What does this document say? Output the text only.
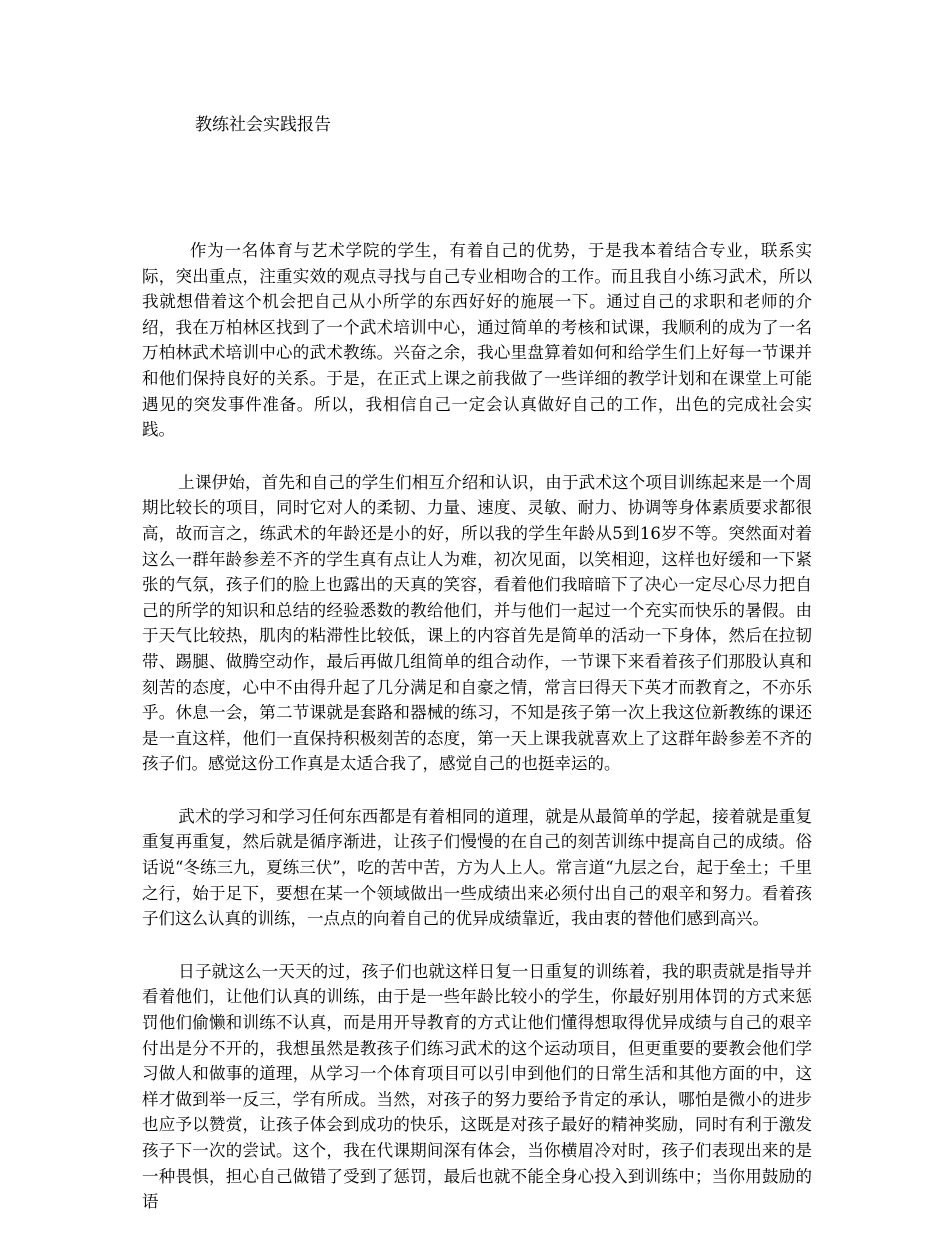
教练社会实践报告

作为一名体育与艺术学院的学生，有着自己的优势，于是我本着结合专业，联系实际，突出重点，注重实效的观点寻找与自己专业相吻合的工作。而且我自小练习武术，所以我就想借着这个机会把自己从小所学的东西好好的施展一下。通过自己的求职和老师的介绍，我在万柏林区找到了一个武术培训中心，通过简单的考核和试课，我顺利的成为了一名万柏林武术培训中心的武术教练。兴奋之余，我心里盘算着如何和给学生们上好每一节课并和他们保持良好的关系。于是，在正式上课之前我做了一些详细的教学计划和在课堂上可能遇见的突发事件准备。所以，我相信自己一定会认真做好自己的工作，出色的完成社会实践。

上课伊始，首先和自己的学生们相互介绍和认识，由于武术这个项目训练起来是一个周期比较长的项目，同时它对人的柔韧、力量、速度、灵敏、耐力、协调等身体素质要求都很高，故而言之，练武术的年龄还是小的好，所以我的学生年龄从5到16岁不等。突然面对着这么一群年龄参差不齐的学生真有点让人为难，初次见面，以笑相迎，这样也好缓和一下紧张的气氛，孩子们的脸上也露出的天真的笑容，看着他们我暗暗下了决心一定尽心尽力把自己的所学的知识和总结的经验悉数的教给他们，并与他们一起过一个充实而快乐的暑假。由于天气比较热，肌肉的粘滞性比较低，课上的内容首先是简单的活动一下身体，然后在拉韧带、踢腿、做腾空动作，最后再做几组简单的组合动作，一节课下来看着孩子们那股认真和刻苦的态度，心中不由得升起了几分满足和自豪之情，常言曰得天下英才而教育之，不亦乐乎。休息一会，第二节课就是套路和器械的练习，不知是孩子第一次上我这位新教练的课还是一直这样，他们一直保持积极刻苦的态度，第一天上课我就喜欢上了这群年龄参差不齐的孩子们。感觉这份工作真是太适合我了，感觉自己的也挺幸运的。

武术的学习和学习任何东西都是有着相同的道理，就是从最简单的学起，接着就是重复重复再重复，然后就是循序渐进，让孩子们慢慢的在自己的刻苦训练中提高自己的成绩。俗话说“冬练三九，夏练三伏”，吃的苦中苦，方为人上人。常言道“九层之台，起于垒土；千里之行，始于足下，要想在某一个领域做出一些成绩出来必须付出自己的艰辛和努力。看着孩子们这么认真的训练，一点点的向着自己的优异成绩靠近，我由衷的替他们感到高兴。

日子就这么一天天的过，孩子们也就这样日复一日重复的训练着，我的职责就是指导并看着他们，让他们认真的训练，由于是一些年龄比较小的学生，你最好别用体罚的方式来惩罚他们偷懒和训练不认真，而是用开导教育的方式让他们懂得想取得优异成绩与自己的艰辛付出是分不开的，我想虽然是教孩子们练习武术的这个运动项目，但更重要的要教会他们学习做人和做事的道理，从学习一个体育项目可以引申到他们的日常生活和其他方面的中，这样才做到举一反三，学有所成。当然，对孩子的努力要给予肯定的承认，哪怕是微小的进步也应予以赞赏，让孩子体会到成功的快乐，这既是对孩子最好的精神奖励，同时有利于激发孩子下一次的尝试。这个，我在代课期间深有体会，当你横眉冷对时，孩子们表现出来的是一种畏惧，担心自己做错了受到了惩罚，最后也就不能全身心投入到训练中；当你用鼓励的语
